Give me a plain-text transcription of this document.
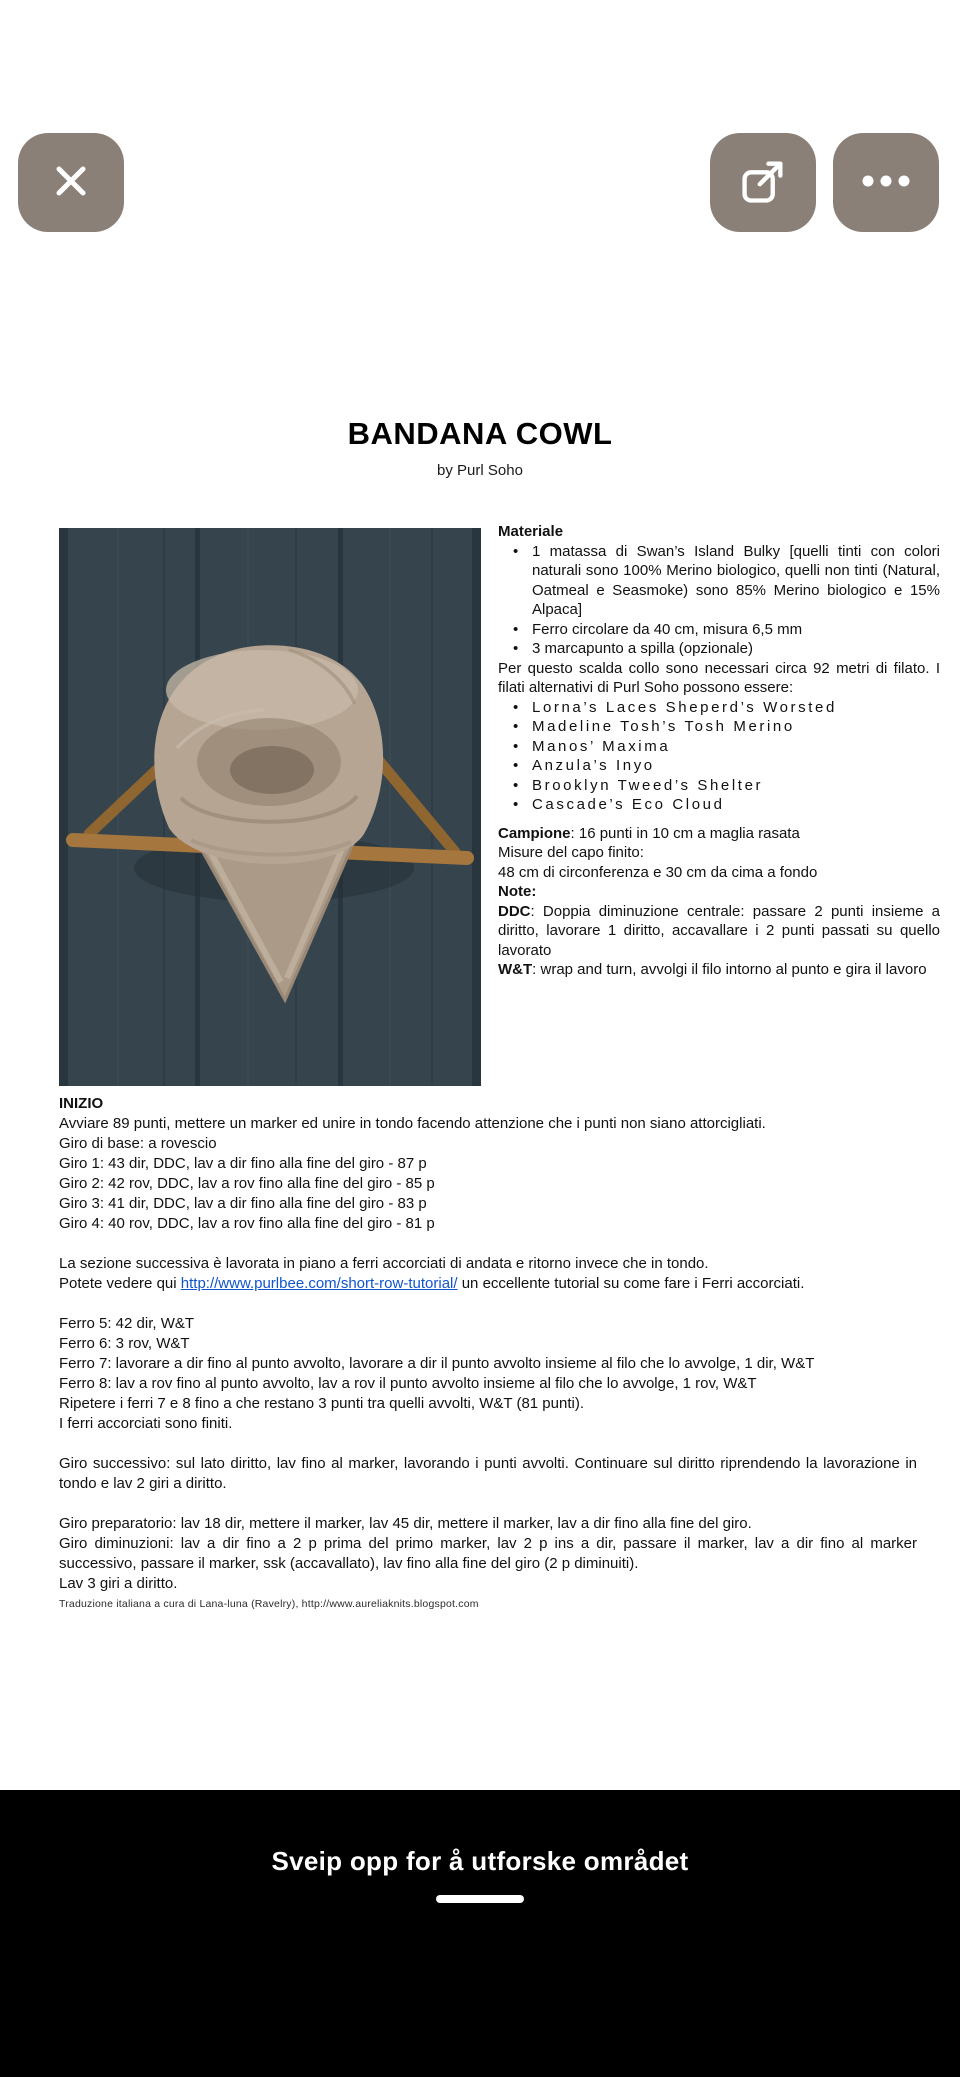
BANDANA COWL
by Purl Soho
Materiale
• 1 matassa di Swan’s Island Bulky [quelli tinti con colori naturali sono 100% Merino biologico, quelli non tinti (Natural, Oatmeal e Seasmoke) sono 85% Merino biologico e 15% Alpaca]
• Ferro circolare da 40 cm, misura 6,5 mm
• 3 marcapunto a spilla (opzionale)

Per questo scalda collo sono necessari circa 92 metri di filato. I filati alternativi di Purl Soho possono essere:

• Lorna’s Laces Sheperd’s Worsted
• Madeline Tosh’s Tosh Merino
• Manos’ Maxima
• Anzula’s Inyo
• Brooklyn Tweed’s Shelter
• Cascade’s Eco Cloud

Campione: 16 punti in 10 cm a maglia rasata

Misure del capo finito:

48 cm di circonferenza e 30 cm da cima a fondo

Note:

DDC: Doppia diminuzione centrale: passare 2 punti insieme a diritto, lavorare 1 diritto, accavallare i 2 punti passati su quello lavorato

W&T: wrap and turn, avvolgi il filo intorno al punto e gira il lavoro

INIZIO

Avviare 89 punti, mettere un marker ed unire in tondo facendo attenzione che i punti non siano attorcigliati.

Giro di base: a rovescio

Giro 1: 43 dir, DDC, lav a dir fino alla fine del giro - 87 p

Giro 2: 42 rov, DDC, lav a rov fino alla fine del giro - 85 p

Giro 3: 41 dir, DDC, lav a dir fino alla fine del giro - 83 p

Giro 4: 40 rov, DDC, lav a rov fino alla fine del giro - 81 p

La sezione successiva è lavorata in piano a ferri accorciati di andata e ritorno invece che in tondo.

Potete vedere qui http://www.purlbee.com/short-row-tutorial/ un eccellente tutorial su come fare i Ferri accorciati.

Ferro 5: 42 dir, W&T

Ferro 6: 3 rov, W&T

Ferro 7: lavorare a dir fino al punto avvolto, lavorare a dir il punto avvolto insieme al filo che lo avvolge, 1 dir, W&T

Ferro 8: lav a rov fino al punto avvolto, lav a rov il punto avvolto insieme al filo che lo avvolge, 1 rov, W&T

Ripetere i ferri 7 e 8 fino a che restano 3 punti tra quelli avvolti, W&T (81 punti).

I ferri accorciati sono finiti.

Giro successivo: sul lato diritto, lav fino al marker, lavorando i punti avvolti. Continuare sul diritto riprendendo la lavorazione in tondo e lav 2 giri a diritto.

Giro preparatorio: lav 18 dir, mettere il marker, lav 45 dir, mettere il marker, lav a dir fino alla fine del giro.

Giro diminuzioni: lav a dir fino a 2 p prima del primo marker, lav 2 p ins a dir, passare il marker, lav a dir fino al marker successivo, passare il marker, ssk (accavallato), lav fino alla fine del giro (2 p diminuiti).

Lav 3 giri a diritto.

Traduzione italiana a cura di Lana-luna (Ravelry), http://www.aureliaknits.blogspot.com

Sveip opp for å utforske området
